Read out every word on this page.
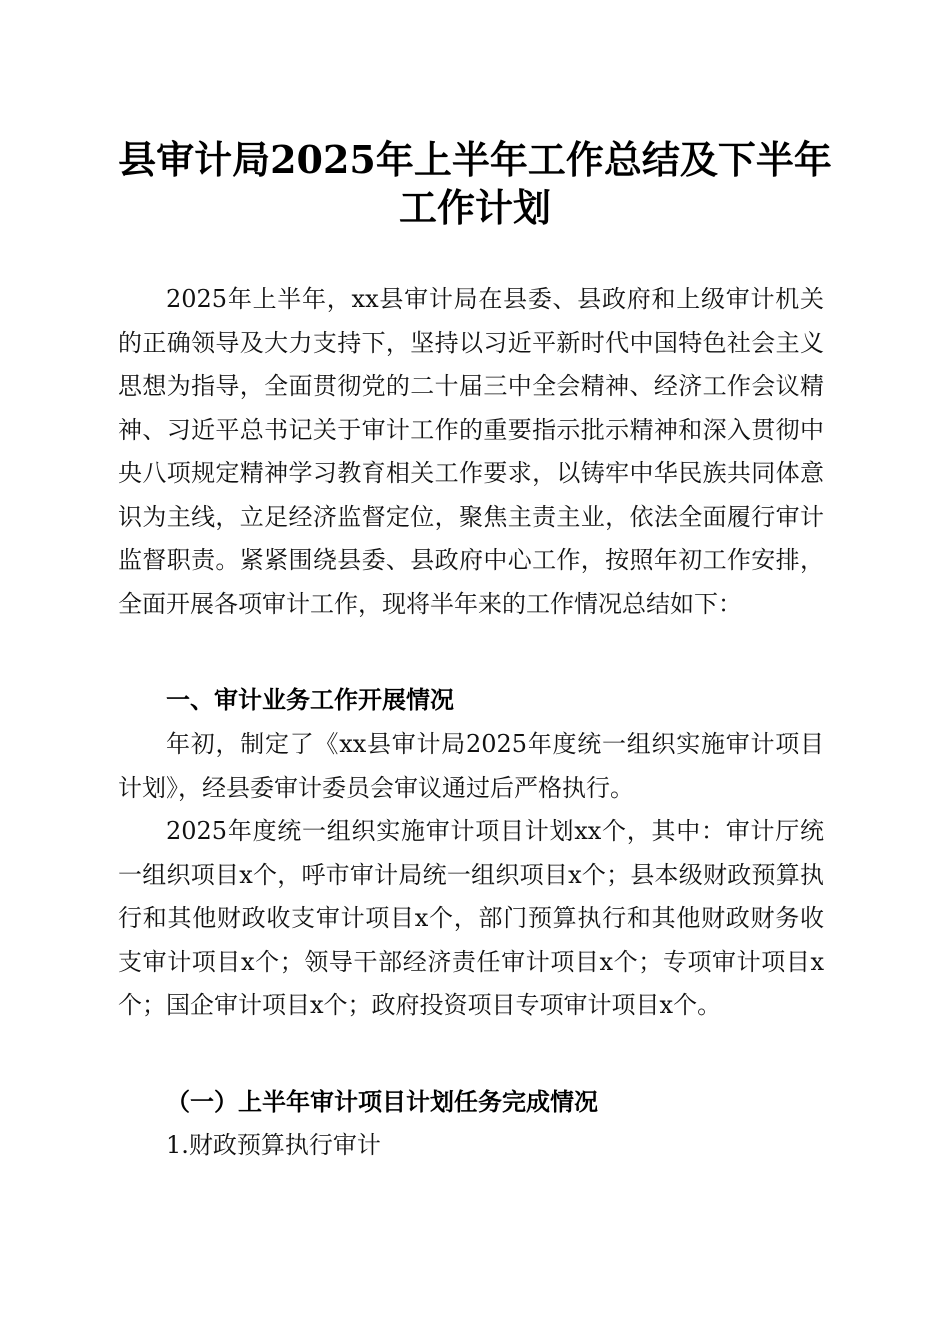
县审计局2025年上半年工作总结及下半年工作计划

2025年上半年，xx县审计局在县委、县政府和上级审计机关的正确领导及大力支持下，坚持以习近平新时代中国特色社会主义思想为指导，全面贯彻党的二十届三中全会精神、经济工作会议精神、习近平总书记关于审计工作的重要指示批示精神和深入贯彻中央八项规定精神学习教育相关工作要求，以铸牢中华民族共同体意识为主线，立足经济监督定位，聚焦主责主业，依法全面履行审计监督职责。紧紧围绕县委、县政府中心工作，按照年初工作安排，全面开展各项审计工作，现将半年来的工作情况总结如下：

一、审计业务工作开展情况

年初，制定了《xx县审计局2025年度统一组织实施审计项目计划》，经县委审计委员会审议通过后严格执行。

2025年度统一组织实施审计项目计划xx个，其中：审计厅统一组织项目x个，呼市审计局统一组织项目x个；县本级财政预算执行和其他财政收支审计项目x个，部门预算执行和其他财政财务收支审计项目x个；领导干部经济责任审计项目x个；专项审计项目x个；国企审计项目x个；政府投资项目专项审计项目x个。

（一）上半年审计项目计划任务完成情况

1.财政预算执行审计
